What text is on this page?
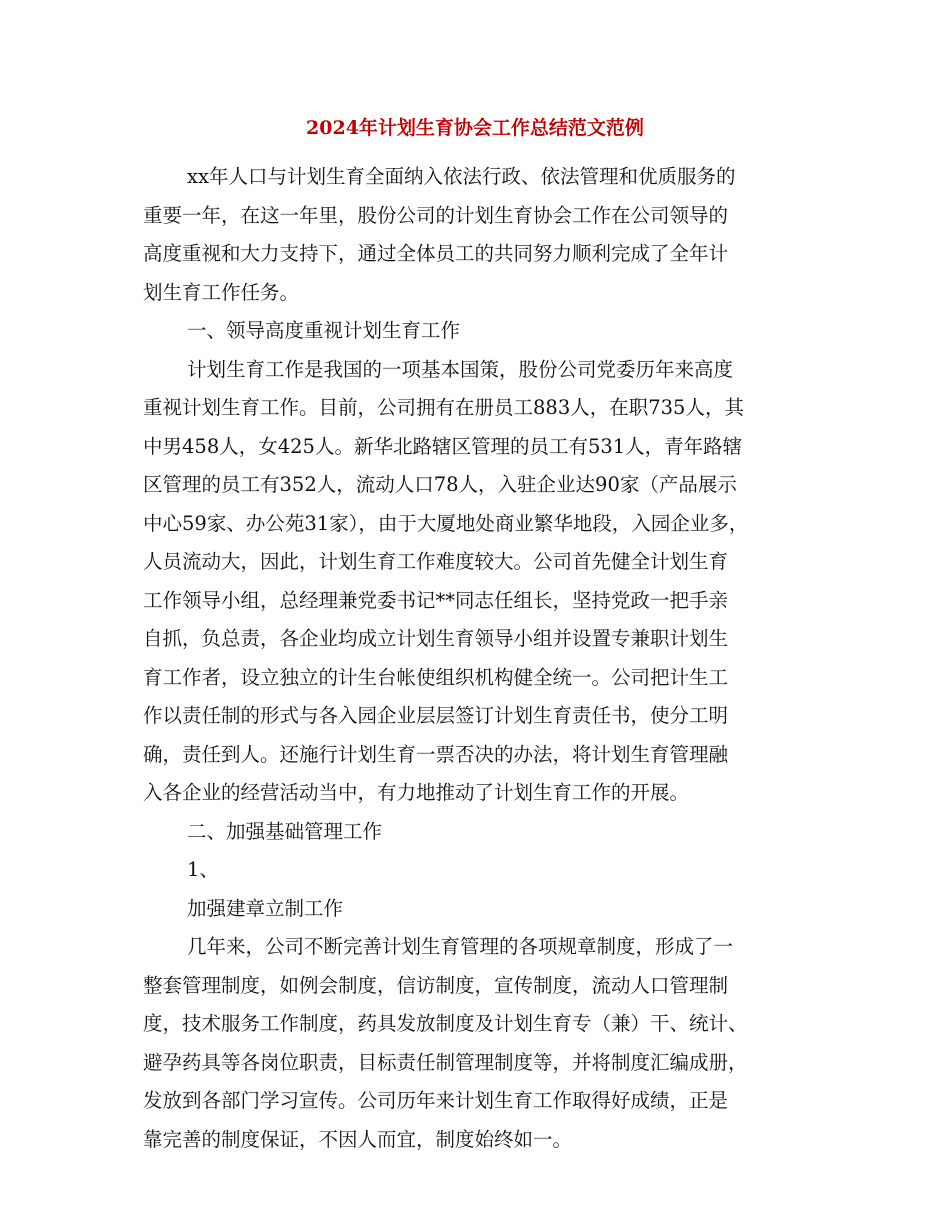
2024年计划生育协会工作总结范文范例

xx年人口与计划生育全面纳入依法行政、依法管理和优质服务的
重要一年，在这一年里，股份公司的计划生育协会工作在公司领导的
高度重视和大力支持下，通过全体员工的共同努力顺利完成了全年计
划生育工作任务。

一、领导高度重视计划生育工作

计划生育工作是我国的一项基本国策，股份公司党委历年来高度
重视计划生育工作。目前，公司拥有在册员工883人，在职735人，其
中男458人，女425人。新华北路辖区管理的员工有531人，青年路辖
区管理的员工有352人，流动人口78人，入驻企业达90家（产品展示
中心59家、办公苑31家），由于大厦地处商业繁华地段，入园企业多，
人员流动大，因此，计划生育工作难度较大。公司首先健全计划生育
工作领导小组，总经理兼党委书记**同志任组长，坚持党政一把手亲
自抓，负总责，各企业均成立计划生育领导小组并设置专兼职计划生
育工作者，设立独立的计生台帐使组织机构健全统一。公司把计生工
作以责任制的形式与各入园企业层层签订计划生育责任书，使分工明
确，责任到人。还施行计划生育一票否决的办法，将计划生育管理融
入各企业的经营活动当中，有力地推动了计划生育工作的开展。

二、加强基础管理工作

1、

加强建章立制工作

几年来，公司不断完善计划生育管理的各项规章制度，形成了一
整套管理制度，如例会制度，信访制度，宣传制度，流动人口管理制
度，技术服务工作制度，药具发放制度及计划生育专（兼）干、统计、
避孕药具等各岗位职责，目标责任制管理制度等，并将制度汇编成册，
发放到各部门学习宣传。公司历年来计划生育工作取得好成绩，正是
靠完善的制度保证，不因人而宜，制度始终如一。
